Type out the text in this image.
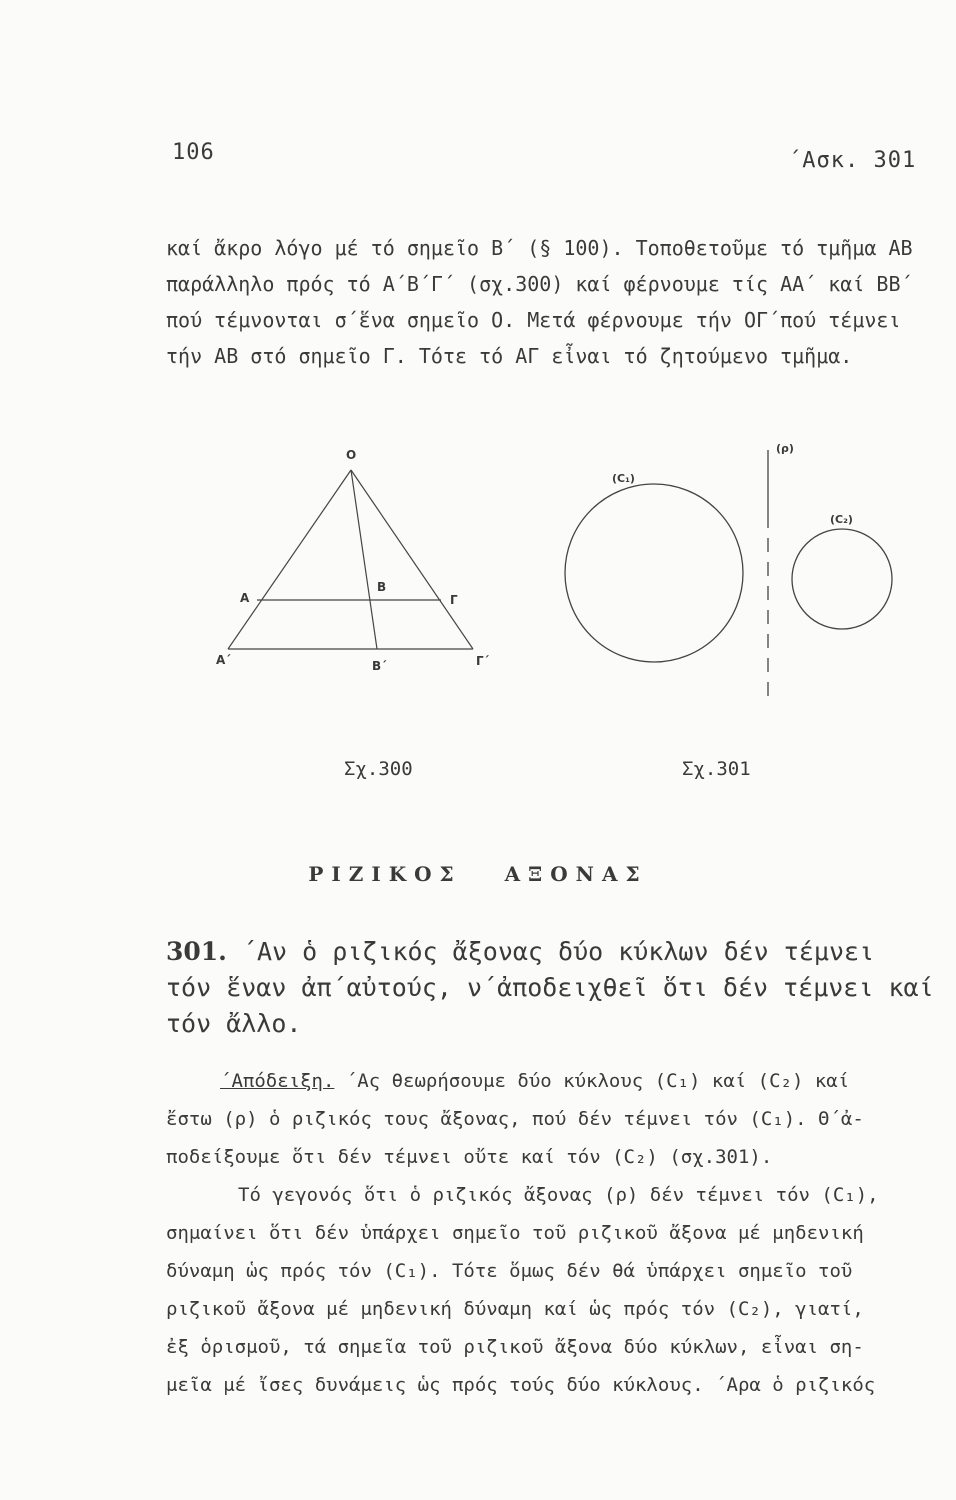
106	΄Ασκ. 301
καί ἄκρο λόγο μέ τό σημεῖο Β΄ (§ 100). Τοποθετοῦμε τό τμῆμα ΑΒ
παράλληλο πρός τό Α΄Β΄Γ΄ (σχ.300) καί φέρνουμε τίς ΑΑ΄ καί ΒΒ΄
πού τέμνονται σ΄ἕνα σημεῖο Ο. Μετά φέρνουμε τήν ΟΓ΄πού τέμνει
τήν ΑΒ στό σημεῖο Γ. Τότε τό ΑΓ εἶναι τό ζητούμενο τμῆμα.
O
A
B
Γ
A΄	B΄	Γ΄
(C₁)
(C₂)
(ρ)
Σχ.300	Σχ.301
ΡΙΖΙΚΟΣ ΑΞΟΝΑΣ
301. ΄Αν ὁ ριζικός ἄξονας δύο κύκλων δέν τέμνει
τόν ἕναν ἀπ΄αὐτούς, ν΄ἀποδειχθεῖ ὅτι δέν τέμνει καί
τόν ἄλλο.
΄Απόδειξη. ΄Ας θεωρήσουμε δύο κύκλους (C₁) καί (C₂) καί
ἔστω (ρ) ὁ ριζικός τους ἄξονας, πού δέν τέμνει τόν (C₁). Θ΄ἀ-
ποδείξουμε ὅτι δέν τέμνει οὔτε καί τόν (C₂) (σχ.301).
Τό γεγονός ὅτι ὁ ριζικός ἄξονας (ρ) δέν τέμνει τόν (C₁),
σημαίνει ὅτι δέν ὑπάρχει σημεῖο τοῦ ριζικοῦ ἄξονα μέ μηδενική
δύναμη ὡς πρός τόν (C₁). Τότε ὅμως δέν θά ὑπάρχει σημεῖο τοῦ
ριζικοῦ ἄξονα μέ μηδενική δύναμη καί ὡς πρός τόν (C₂), γιατί,
ἐξ ὁρισμοῦ, τά σημεῖα τοῦ ριζικοῦ ἄξονα δύο κύκλων, εἶναι ση-
μεῖα μέ ἴσες δυνάμεις ὡς πρός τούς δύο κύκλους. ΄Αρα ὁ ριζικός
